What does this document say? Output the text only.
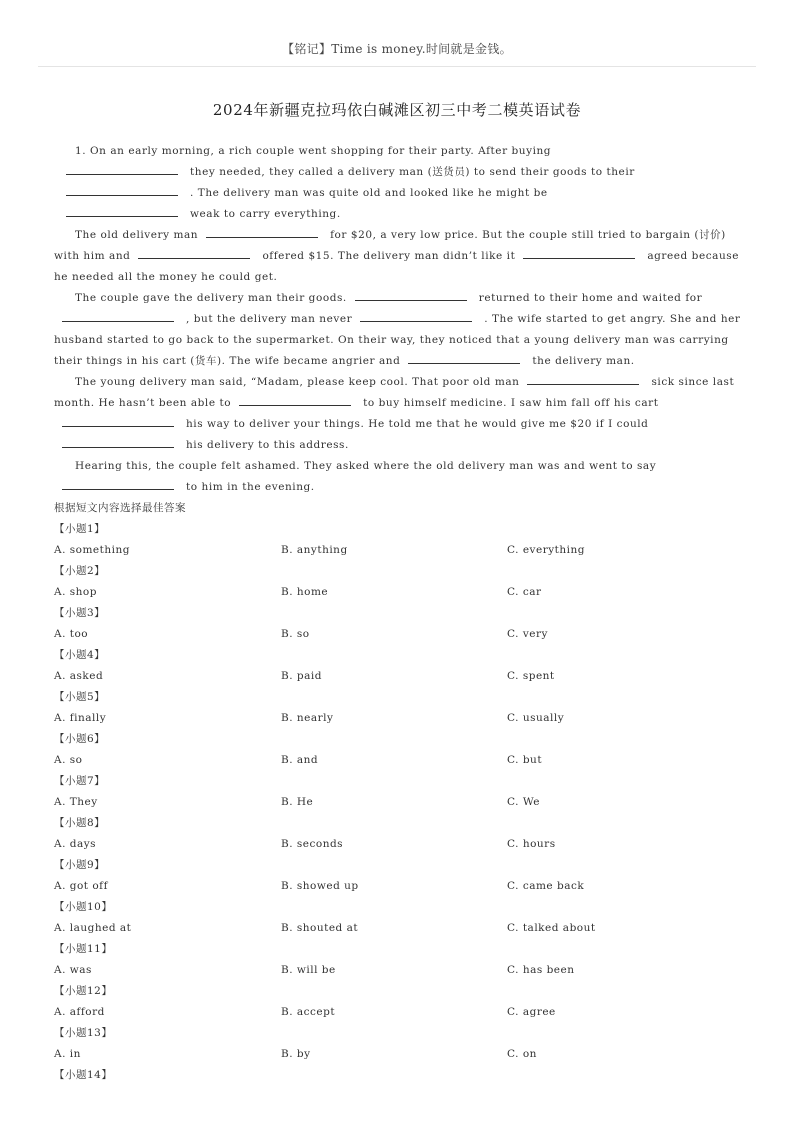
【铭记】Time is money.时间就是金钱。
2024年新疆克拉玛依白碱滩区初三中考二模英语试卷

1. On an early morning, a rich couple went shopping for their party. After buying

they needed, they called a delivery man (送货员) to send their goods to their

. The delivery man was quite old and looked like he might be

weak to carry everything.

The old delivery man	for $20, a very low price. But the couple still tried to bargain (讨价) with him and	offered $15. The delivery man didn’t like it	agreed because he needed all the money he could get.

The couple gave the delivery man their goods.	returned to their home and waited for, but the delivery man never	. The wife started to get angry. She and her husband started to go back to the supermarket. On their way, they noticed that a young delivery man was carrying their things in his cart (货车). The wife became angrier and	the delivery man.

The young delivery man said, “Madam, please keep cool. That poor old man	sick since last month. He hasn’t been able to	to buy himself medicine. I saw him fall off his carthis way to deliver your things. He told me that he would give me $20 if I couldhis delivery to this address.

Hearing this, the couple felt ashamed. They asked where the old delivery man was and went to sayto him in the evening.

根据短文内容选择最佳答案
【小题1】
A. something	B. anything	C. everything
【小题2】
A. shop	B. home	C. car
【小题3】
A. too	B. so	C. very
【小题4】
A. asked	B. paid	C. spent
【小题5】
A. finally	B. nearly	C. usually
【小题6】
A. so	B. and	C. but
【小题7】
A. They	B. He	C. We
【小题8】
A. days	B. seconds	C. hours
【小题9】
A. got off	B. showed up	C. came back
【小题10】
A. laughed at	B. shouted at	C. talked about
【小题11】
A. was	B. will be	C. has been
【小题12】
A. afford	B. accept	C. agree
【小题13】
A. in	B. by	C. on
【小题14】
